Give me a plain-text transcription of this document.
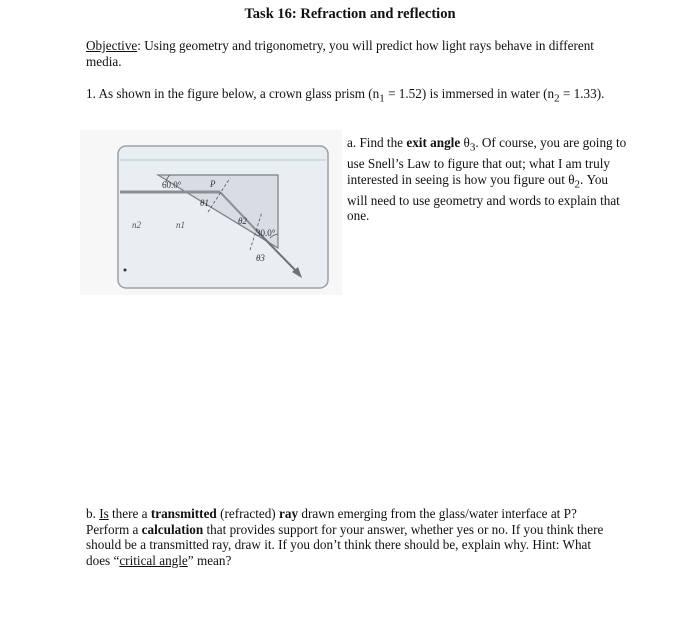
Task 16: Refraction and reflection
Objective: Using geometry and trigonometry, you will predict how light rays behave in different media.
1. As shown in the figure below, a crown glass prism $(n_1 = 1.52)$ is immersed in water $(n_2 = 1.33)$.
60.0°
30.0°
P
θ1
θ2
θ3
n1
n2
a. Find the exit angle $\theta_3$. Of course, you are going to use Snell’s Law to figure that out; what I am truly interested in seeing is how you figure out $\theta_2$. You will need to use geometry and words to explain that one.
b. Is there a transmitted (refracted) ray drawn emerging from the glass/water interface at P? Perform a calculation that provides support for your answer, whether yes or no. If you think there should be a transmitted ray, draw it. If you don’t think there should be, explain why. Hint: What does “critical angle” mean?
